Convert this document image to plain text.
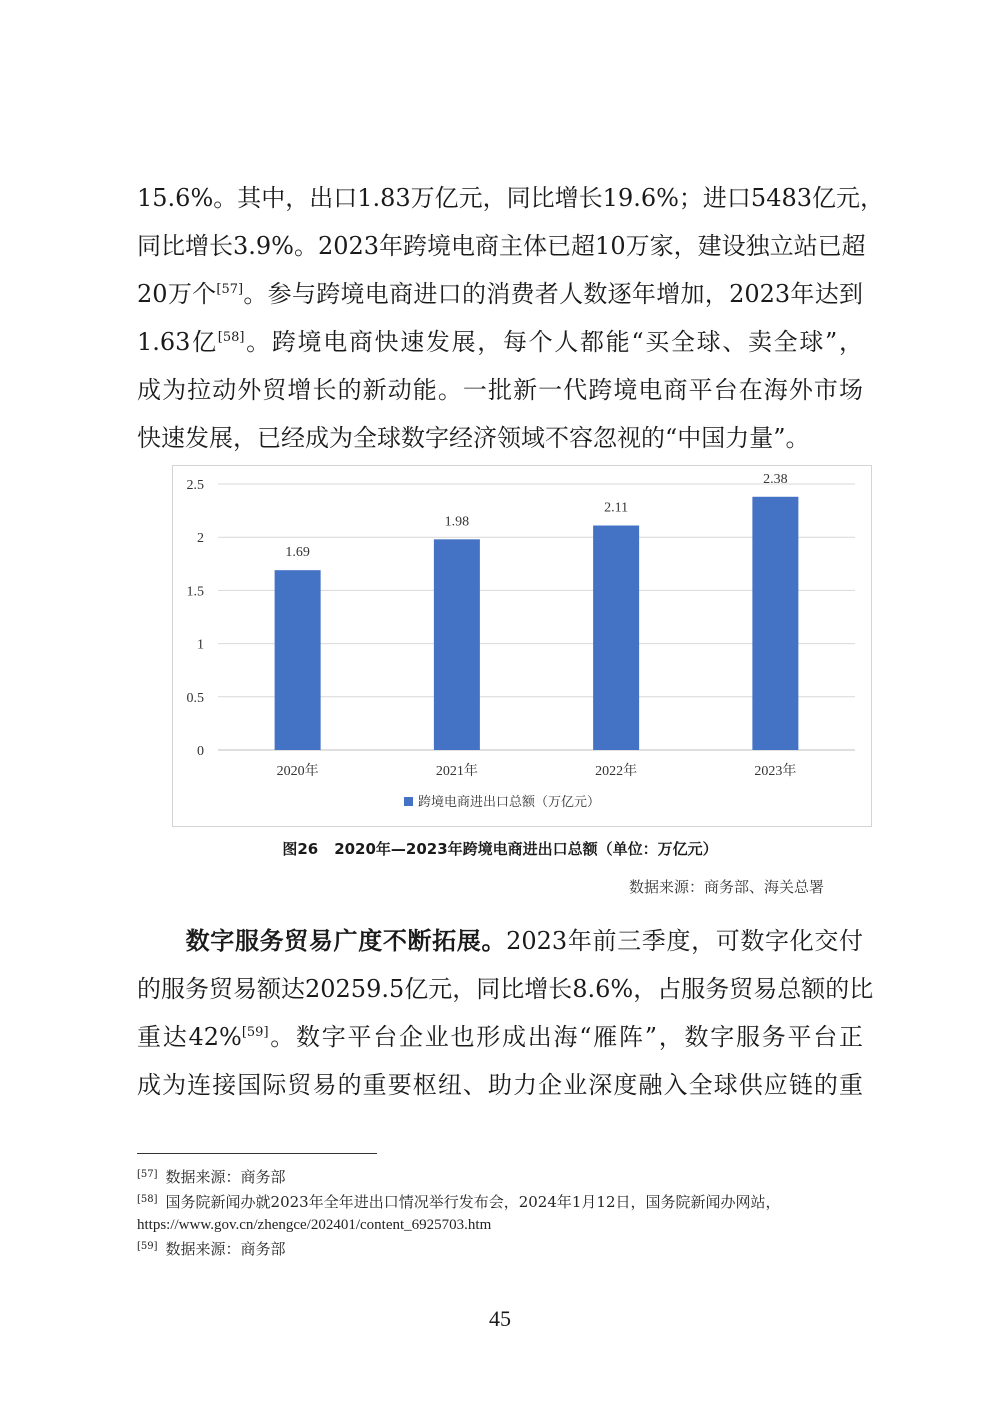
15.6%。其中，出口1.83万亿元，同比增长19.6%；进口5483亿元，
同比增长3.9%。2023年跨境电商主体已超10万家，建设独立站已超
20万个[57]。参与跨境电商进口的消费者人数逐年增加，2023年达到
1.63亿[58]。跨境电商快速发展，每个人都能“买全球、卖全球”，
成为拉动外贸增长的新动能。一批新一代跨境电商平台在海外市场
快速发展，已经成为全球数字经济领域不容忽视的“中国力量”。
0
0.5
1
1.5
2
2.5
1.69
2020年
1.98
2021年
2.11
2022年
2.38
2023年
跨境电商进出口总额（万亿元）
图26 2020年—2023年跨境电商进出口总额（单位：万亿元）
数据来源：商务部、海关总署
数字服务贸易广度不断拓展。2023年前三季度，可数字化交付
的服务贸易额达20259.5亿元，同比增长8.6%，占服务贸易总额的比
重达42%[59]。数字平台企业也形成出海“雁阵”，数字服务平台正
成为连接国际贸易的重要枢纽、助力企业深度融入全球供应链的重
[57] 数据来源：商务部
[58] 国务院新闻办就2023年全年进出口情况举行发布会，2024年1月12日，国务院新闻办网站，
https://www.gov.cn/zhengce/202401/content_6925703.htm
[59] 数据来源：商务部
45
